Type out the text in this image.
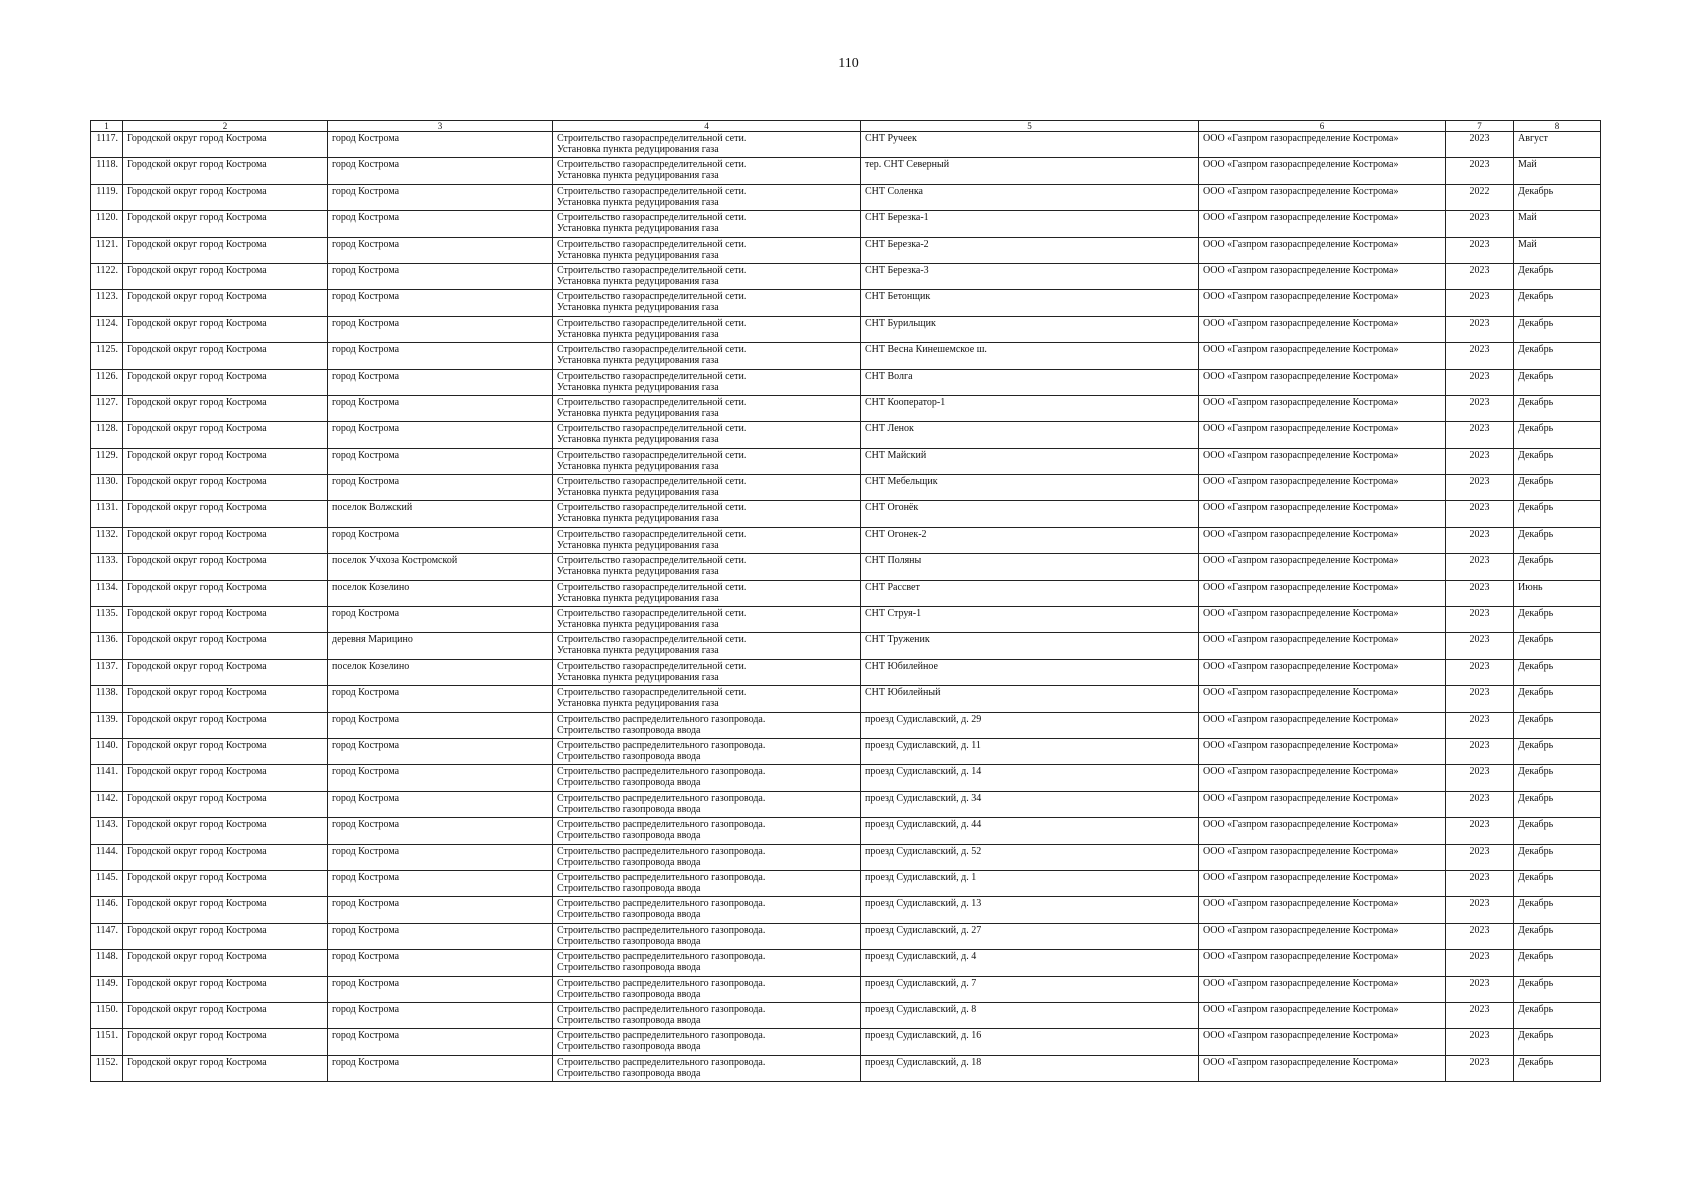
110
1	2	3	4	5	6	7	8
1117.	Городской округ город Кострома	город Кострома	Строительство газораспределительной сети.
Установка пункта редуцирования газа	СНТ Ручеек	ООО «Газпром газораспределение Кострома»	2023	Август
1118.	Городской округ город Кострома	город Кострома	Строительство газораспределительной сети.
Установка пункта редуцирования газа	тер. СНТ Северный	ООО «Газпром газораспределение Кострома»	2023	Май
1119.	Городской округ город Кострома	город Кострома	Строительство газораспределительной сети.
Установка пункта редуцирования газа	СНТ Соленка	ООО «Газпром газораспределение Кострома»	2022	Декабрь
1120.	Городской округ город Кострома	город Кострома	Строительство газораспределительной сети.
Установка пункта редуцирования газа	СНТ Березка-1	ООО «Газпром газораспределение Кострома»	2023	Май
1121.	Городской округ город Кострома	город Кострома	Строительство газораспределительной сети.
Установка пункта редуцирования газа	СНТ Березка-2	ООО «Газпром газораспределение Кострома»	2023	Май
1122.	Городской округ город Кострома	город Кострома	Строительство газораспределительной сети.
Установка пункта редуцирования газа	СНТ Березка-3	ООО «Газпром газораспределение Кострома»	2023	Декабрь
1123.	Городской округ город Кострома	город Кострома	Строительство газораспределительной сети.
Установка пункта редуцирования газа	СНТ Бетонщик	ООО «Газпром газораспределение Кострома»	2023	Декабрь
1124.	Городской округ город Кострома	город Кострома	Строительство газораспределительной сети.
Установка пункта редуцирования газа	СНТ Бурильщик	ООО «Газпром газораспределение Кострома»	2023	Декабрь
1125.	Городской округ город Кострома	город Кострома	Строительство газораспределительной сети.
Установка пункта редуцирования газа	СНТ Весна Кинешемское ш.	ООО «Газпром газораспределение Кострома»	2023	Декабрь
1126.	Городской округ город Кострома	город Кострома	Строительство газораспределительной сети.
Установка пункта редуцирования газа	СНТ Волга	ООО «Газпром газораспределение Кострома»	2023	Декабрь
1127.	Городской округ город Кострома	город Кострома	Строительство газораспределительной сети.
Установка пункта редуцирования газа	СНТ Кооператор-1	ООО «Газпром газораспределение Кострома»	2023	Декабрь
1128.	Городской округ город Кострома	город Кострома	Строительство газораспределительной сети.
Установка пункта редуцирования газа	СНТ Ленок	ООО «Газпром газораспределение Кострома»	2023	Декабрь
1129.	Городской округ город Кострома	город Кострома	Строительство газораспределительной сети.
Установка пункта редуцирования газа	СНТ Майский	ООО «Газпром газораспределение Кострома»	2023	Декабрь
1130.	Городской округ город Кострома	город Кострома	Строительство газораспределительной сети.
Установка пункта редуцирования газа	СНТ Мебельщик	ООО «Газпром газораспределение Кострома»	2023	Декабрь
1131.	Городской округ город Кострома	поселок Волжский	Строительство газораспределительной сети.
Установка пункта редуцирования газа	СНТ Огонёк	ООО «Газпром газораспределение Кострома»	2023	Декабрь
1132.	Городской округ город Кострома	город Кострома	Строительство газораспределительной сети.
Установка пункта редуцирования газа	СНТ Огонек-2	ООО «Газпром газораспределение Кострома»	2023	Декабрь
1133.	Городской округ город Кострома	поселок Учхоза Костромской	Строительство газораспределительной сети.
Установка пункта редуцирования газа	СНТ Поляны	ООО «Газпром газораспределение Кострома»	2023	Декабрь
1134.	Городской округ город Кострома	поселок Козелино	Строительство газораспределительной сети.
Установка пункта редуцирования газа	СНТ Рассвет	ООО «Газпром газораспределение Кострома»	2023	Июнь
1135.	Городской округ город Кострома	город Кострома	Строительство газораспределительной сети.
Установка пункта редуцирования газа	СНТ Струя-1	ООО «Газпром газораспределение Кострома»	2023	Декабрь
1136.	Городской округ город Кострома	деревня Марицино	Строительство газораспределительной сети.
Установка пункта редуцирования газа	СНТ Труженик	ООО «Газпром газораспределение Кострома»	2023	Декабрь
1137.	Городской округ город Кострома	поселок Козелино	Строительство газораспределительной сети.
Установка пункта редуцирования газа	СНТ Юбилейное	ООО «Газпром газораспределение Кострома»	2023	Декабрь
1138.	Городской округ город Кострома	город Кострома	Строительство газораспределительной сети.
Установка пункта редуцирования газа	СНТ Юбилейный	ООО «Газпром газораспределение Кострома»	2023	Декабрь
1139.	Городской округ город Кострома	город Кострома	Строительство распределительного газопровода.
Строительство газопровода ввода	проезд Судиславский, д. 29	ООО «Газпром газораспределение Кострома»	2023	Декабрь
1140.	Городской округ город Кострома	город Кострома	Строительство распределительного газопровода.
Строительство газопровода ввода	проезд Судиславский, д. 11	ООО «Газпром газораспределение Кострома»	2023	Декабрь
1141.	Городской округ город Кострома	город Кострома	Строительство распределительного газопровода.
Строительство газопровода ввода	проезд Судиславский, д. 14	ООО «Газпром газораспределение Кострома»	2023	Декабрь
1142.	Городской округ город Кострома	город Кострома	Строительство распределительного газопровода.
Строительство газопровода ввода	проезд Судиславский, д. 34	ООО «Газпром газораспределение Кострома»	2023	Декабрь
1143.	Городской округ город Кострома	город Кострома	Строительство распределительного газопровода.
Строительство газопровода ввода	проезд Судиславский, д. 44	ООО «Газпром газораспределение Кострома»	2023	Декабрь
1144.	Городской округ город Кострома	город Кострома	Строительство распределительного газопровода.
Строительство газопровода ввода	проезд Судиславский, д. 52	ООО «Газпром газораспределение Кострома»	2023	Декабрь
1145.	Городской округ город Кострома	город Кострома	Строительство распределительного газопровода.
Строительство газопровода ввода	проезд Судиславский, д. 1	ООО «Газпром газораспределение Кострома»	2023	Декабрь
1146.	Городской округ город Кострома	город Кострома	Строительство распределительного газопровода.
Строительство газопровода ввода	проезд Судиславский, д. 13	ООО «Газпром газораспределение Кострома»	2023	Декабрь
1147.	Городской округ город Кострома	город Кострома	Строительство распределительного газопровода.
Строительство газопровода ввода	проезд Судиславский, д. 27	ООО «Газпром газораспределение Кострома»	2023	Декабрь
1148.	Городской округ город Кострома	город Кострома	Строительство распределительного газопровода.
Строительство газопровода ввода	проезд Судиславский, д. 4	ООО «Газпром газораспределение Кострома»	2023	Декабрь
1149.	Городской округ город Кострома	город Кострома	Строительство распределительного газопровода.
Строительство газопровода ввода	проезд Судиславский, д. 7	ООО «Газпром газораспределение Кострома»	2023	Декабрь
1150.	Городской округ город Кострома	город Кострома	Строительство распределительного газопровода.
Строительство газопровода ввода	проезд Судиславский, д. 8	ООО «Газпром газораспределение Кострома»	2023	Декабрь
1151.	Городской округ город Кострома	город Кострома	Строительство распределительного газопровода.
Строительство газопровода ввода	проезд Судиславский, д. 16	ООО «Газпром газораспределение Кострома»	2023	Декабрь
1152.	Городской округ город Кострома	город Кострома	Строительство распределительного газопровода.
Строительство газопровода ввода	проезд Судиславский, д. 18	ООО «Газпром газораспределение Кострома»	2023	Декабрь
